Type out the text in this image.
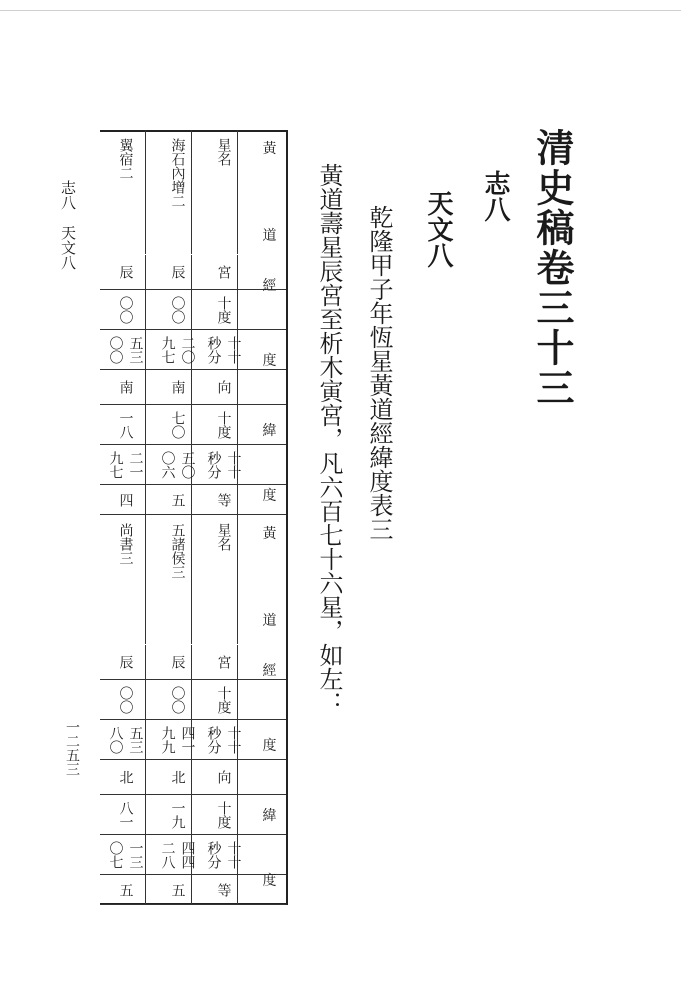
清史稿卷三十三
志八
天文八
乾隆甲子年恆星黃道經緯度表三
黃道壽星辰宮至析木寅宮，凡六百七十六星，如左：
志八　天文八
一二五三
星名
海石內增二
翼宿二
宮
辰
辰
十度
〇〇
〇〇
十十秒分
二〇九七
五三〇〇
向
南
南
十度
七〇
一八
十十秒分
五〇〇六
二一九七
等
五
四
黃
道
經
度
緯
度
星名
五諸侯三
尚書三
宮
辰
辰
十度
〇〇
〇〇
十十秒分
四一九九
五三八〇
向
北
北
十度
一九
八一
十十秒分
四四二八
一三〇七
等
五
五
黃
道
經
度
緯
度
